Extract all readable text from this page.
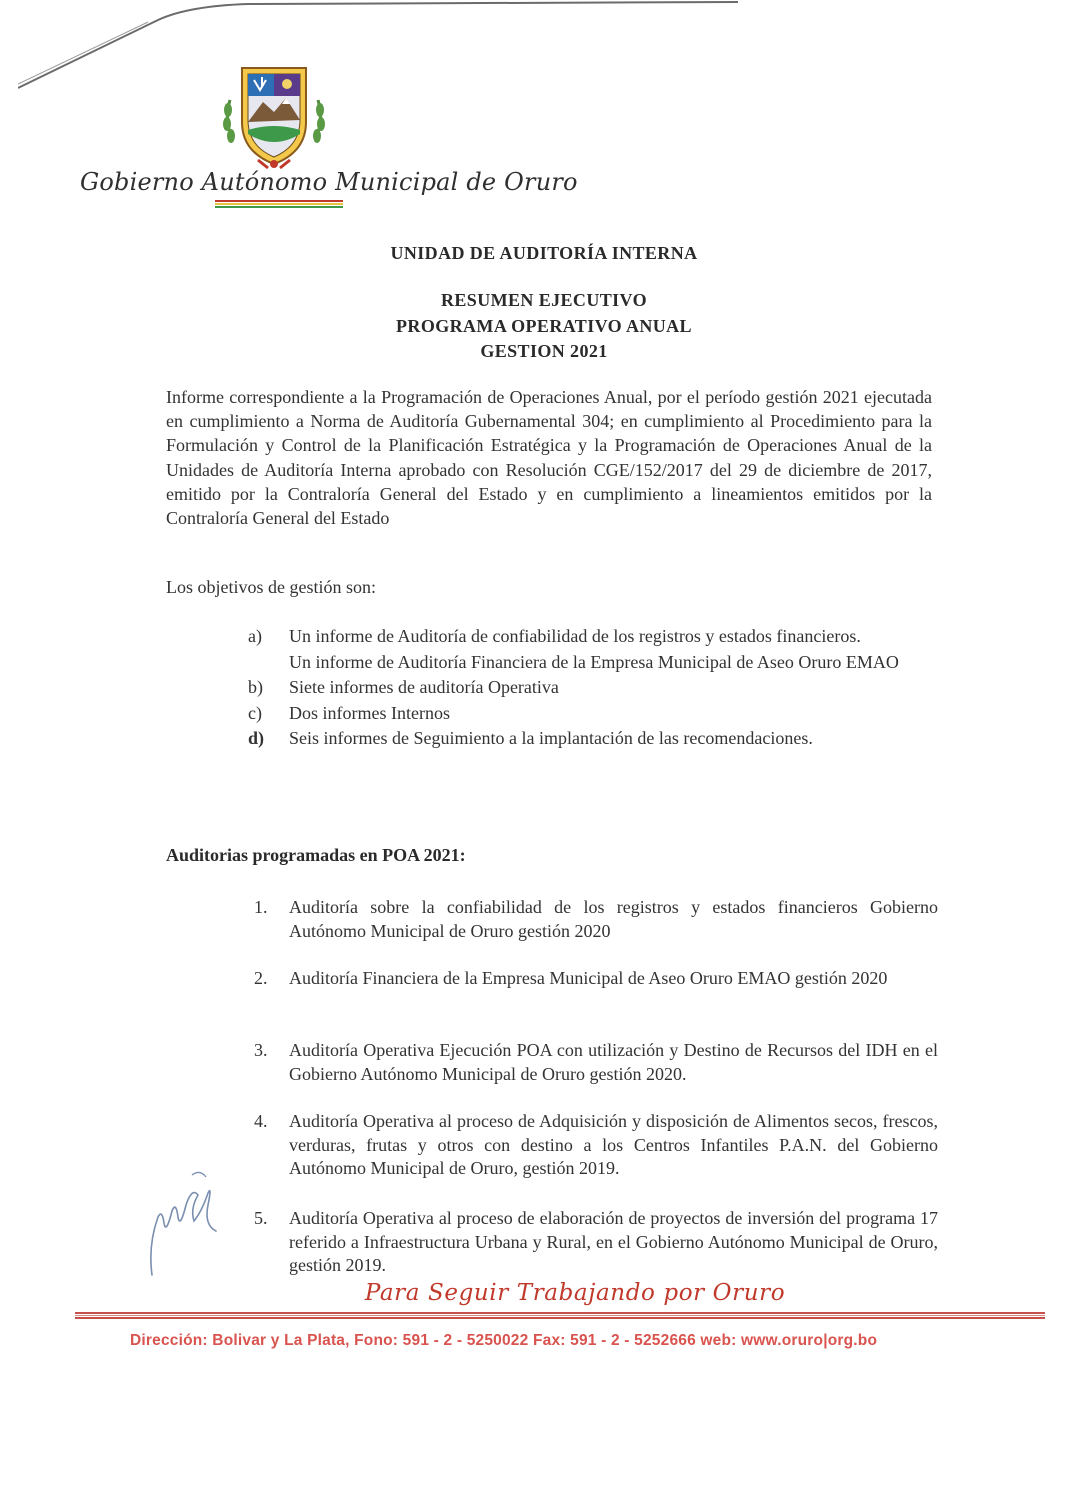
Gobierno Autónomo Municipal de Oruro
UNIDAD DE AUDITORÍA INTERNA
RESUMEN EJECUTIVO
PROGRAMA OPERATIVO ANUAL
GESTION 2021
Informe correspondiente a la Programación de Operaciones Anual, por el período gestión 2021 ejecutada en cumplimiento a Norma de Auditoría Gubernamental 304; en cumplimiento al Procedimiento para la Formulación y Control de la Planificación Estratégica y la Programación de Operaciones Anual de la Unidades de Auditoría Interna aprobado con Resolución CGE/152/2017 del 29 de diciembre de 2017, emitido por la Contraloría General del Estado y en cumplimiento a lineamientos emitidos por la Contraloría General del Estado
Los objetivos de gestión son:
a)	Un informe de Auditoría de confiabilidad de los registros y estados financieros.
Un informe de Auditoría Financiera de la Empresa Municipal de Aseo Oruro EMAO
b)	Siete informes de auditoría Operativa
c)	Dos informes Internos
d)	Seis informes de Seguimiento a la implantación de las recomendaciones.
Auditorias programadas en POA 2021:
1.	Auditoría sobre la confiabilidad de los registros y estados financieros Gobierno Autónomo Municipal de Oruro gestión 2020
2.	Auditoría Financiera de la Empresa Municipal de Aseo Oruro EMAO gestión 2020
3.	Auditoría Operativa Ejecución POA con utilización y Destino de Recursos del IDH en el Gobierno Autónomo Municipal de Oruro gestión 2020.
4.	Auditoría Operativa al proceso de Adquisición y disposición de Alimentos secos, frescos, verduras, frutas y otros con destino a los Centros Infantiles P.A.N. del Gobierno Autónomo Municipal de Oruro, gestión 2019.
5.	Auditoría Operativa al proceso de elaboración de proyectos de inversión del programa 17 referido a Infraestructura Urbana y Rural, en el Gobierno Autónomo Municipal de Oruro, gestión 2019.
Para Seguir Trabajando por Oruro
Dirección: Bolivar y La Plata, Fono: 591 - 2 - 5250022 Fax: 591 - 2 - 5252666 web: www.oruro|org.bo
